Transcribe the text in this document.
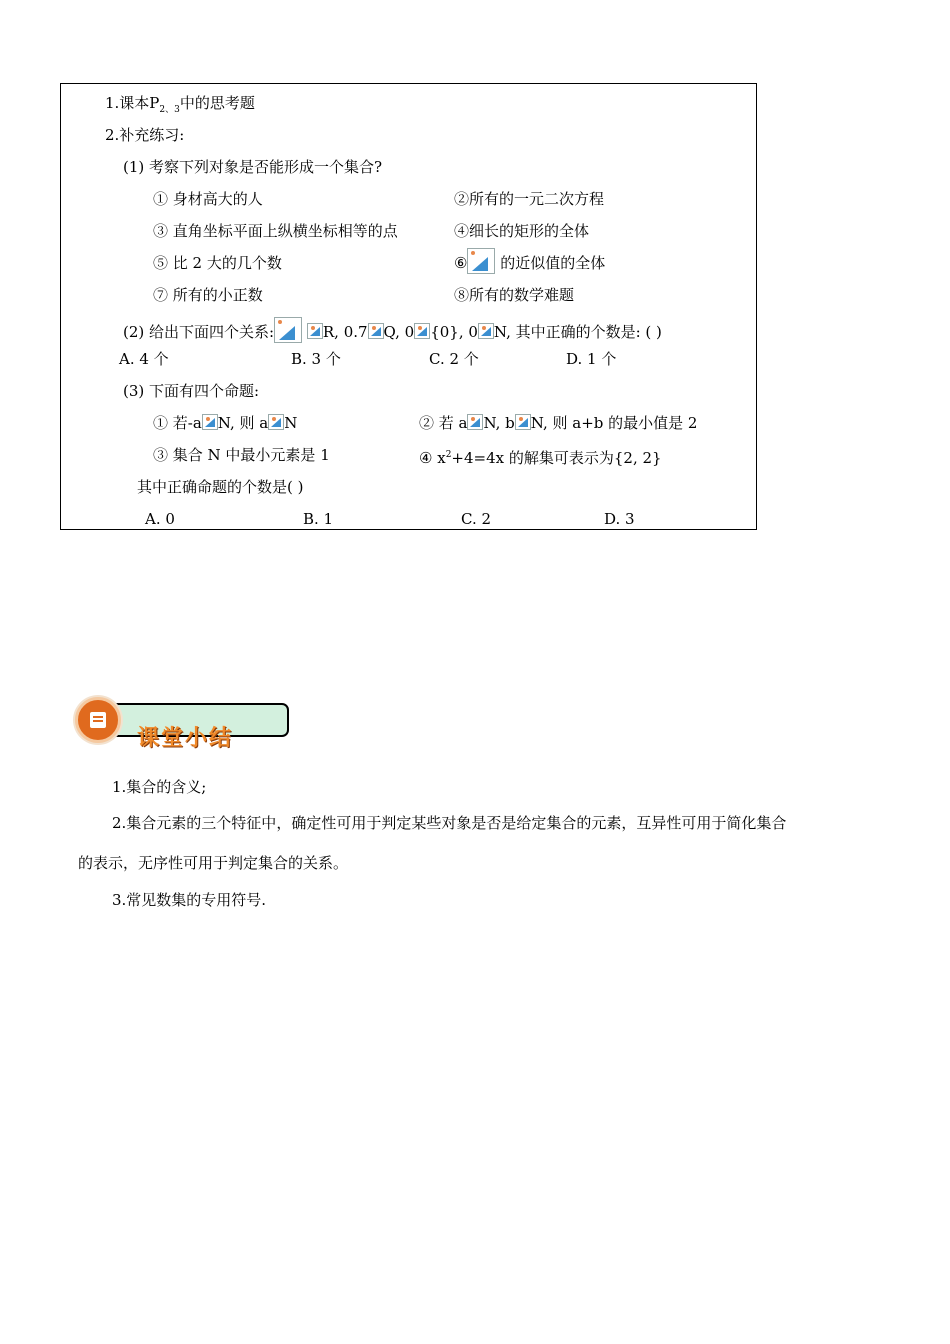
1.课本$P_{2、3}$中的思考题
2.补充练习:
(1) 考察下列对象是否能形成一个集合?
① 身材高大的人	②所有的一元二次方程
③ 直角坐标平面上纵横坐标相等的点	④细长的矩形的全体
⑤ 比 2 大的几个数	⑥ 的近似值的全体
⑦ 所有的小正数	⑧所有的数学难题
(2) 给出下面四个关系:	R, 0.7 Q, 0 {0}, 0 N, 其中正确的个数是: ( )
A. 4 个	B. 3 个	C. 2 个	D. 1 个
(3) 下面有四个命题:
① 若-a N, 则 a N	② 若 a N, b N, 则 a+b 的最小值是 2
③ 集合 N 中最小元素是 1	④ $x^2+4=4x$ 的解集可表示为{2, 2}
其中正确命题的个数是( )
A. 0	B. 1	C. 2	D. 3
课堂小结
1.集合的含义;
2.集合元素的三个特征中，确定性可用于判定某些对象是否是给定集合的元素，互异性可用于简化集合
的表示，无序性可用于判定集合的关系。
3.常见数集的专用符号.
